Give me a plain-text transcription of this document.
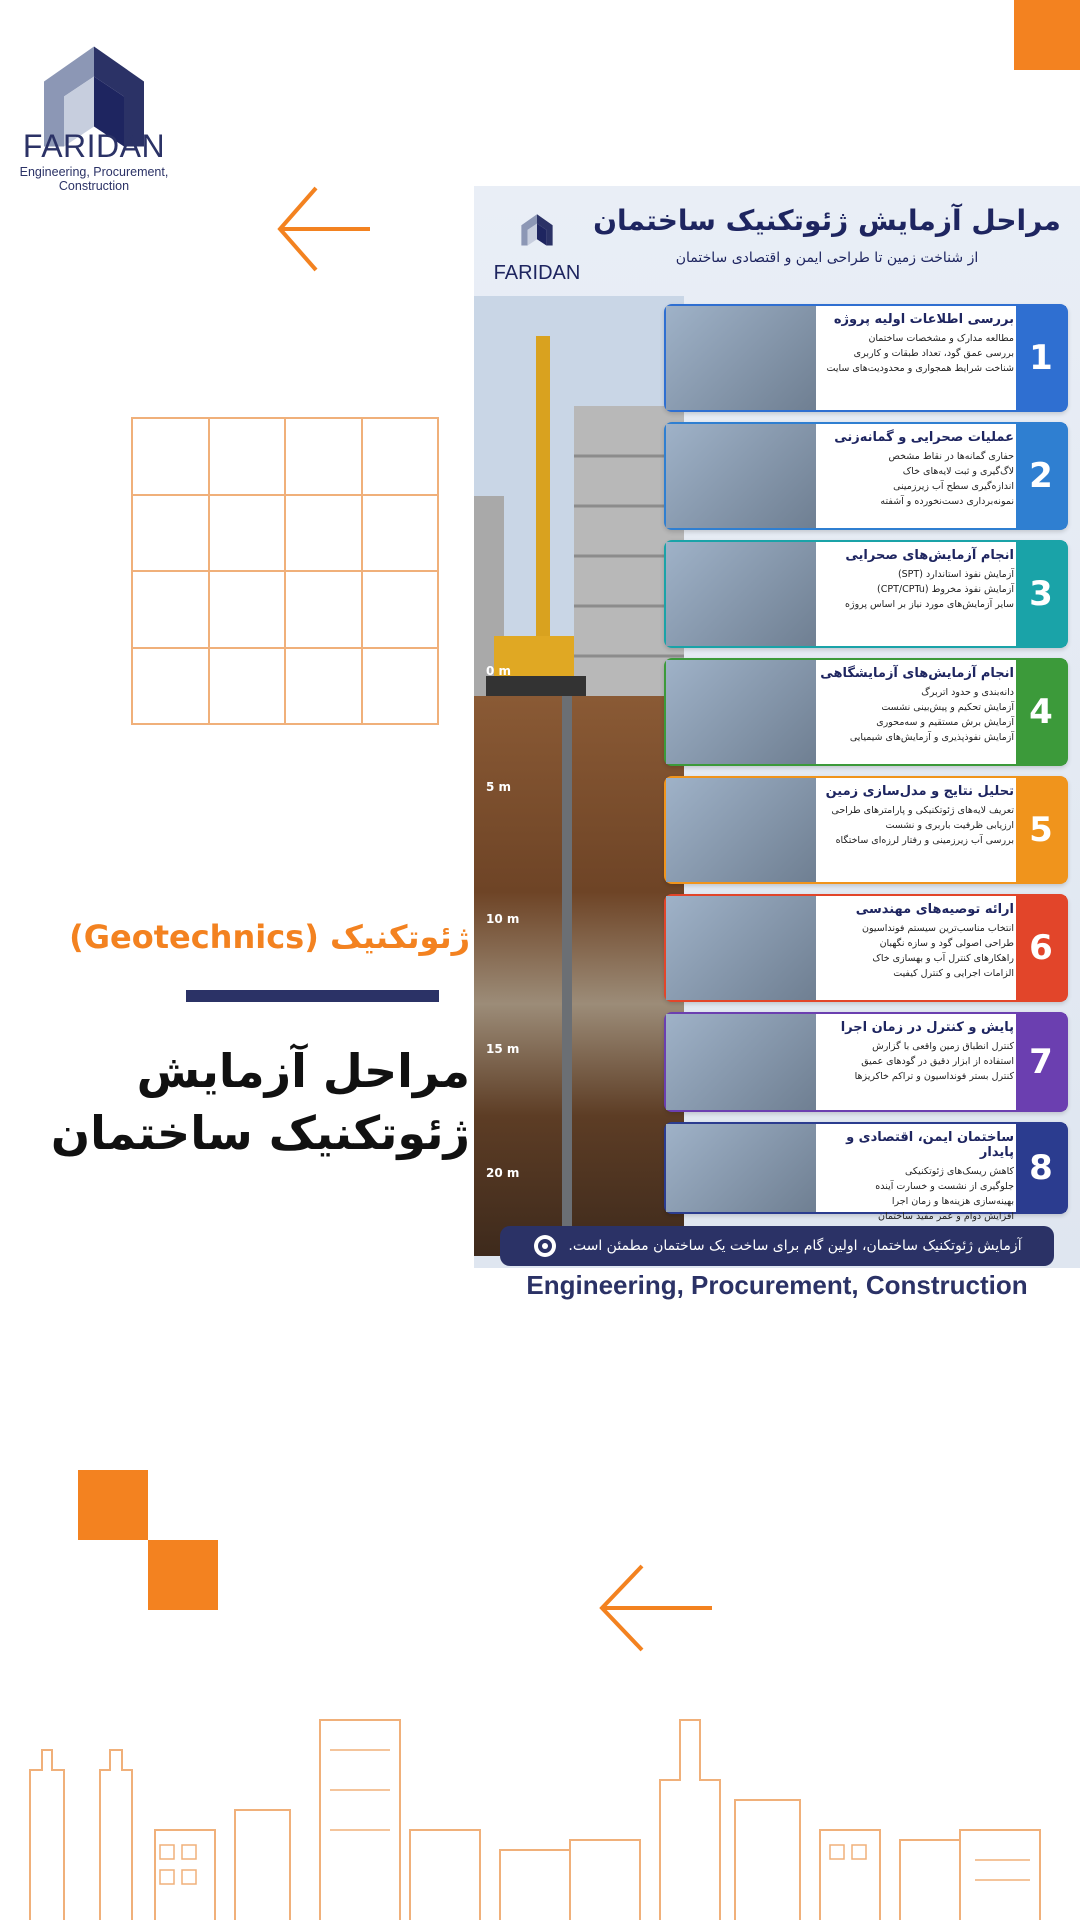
FARIDAN
Engineering, Procurement,
Construction
ژئوتکنیک (Geotechnics)
مراحل آزمایش
ژئوتکنیک ساختمان
مراحل آزمایش ژئوتکنیک ساختمان
از شناخت زمین تا طراحی ایمن و اقتصادی ساختمان
FARIDAN
0 m
5 m
10 m
15 m
20 m
بررسی اطلاعات اولیه پروژه
مطالعه مدارک و مشخصات ساختمان
بررسی عمق گود، تعداد طبقات و کاربری
شناخت شرایط همجواری و محدودیت‌های سایت 1
عملیات صحرایی و گمانه‌زنی
حفاری گمانه‌ها در نقاط مشخص
لاگ‌گیری و ثبت لایه‌های خاک
اندازه‌گیری سطح آب زیرزمینی
نمونه‌برداری دست‌نخورده و آشفته
2
انجام آزمایش‌های صحرایی
آزمایش نفوذ استاندارد (SPT)
آزمایش نفوذ مخروط (CPT/CPTu)
سایر آزمایش‌های مورد نیاز بر اساس پروژه 3
انجام آزمایش‌های آزمایشگاهی
دانه‌بندی و حدود اتربرگ
آزمایش تحکیم و پیش‌بینی نشست
آزمایش برش مستقیم و سه‌محوری
آزمایش نفوذپذیری و آزمایش‌های شیمیایی
4
تحلیل نتایج و مدل‌سازی زمین
تعریف لایه‌های ژئوتکنیکی و پارامترهای طراحی
ارزیابی ظرفیت باربری و نشست
بررسی آب زیرزمینی و رفتار لرزه‌ای ساختگاه 5
ارائه توصیه‌های مهندسی
انتخاب مناسب‌ترین سیستم فونداسیون
طراحی اصولی گود و سازه نگهبان
راهکارهای کنترل آب و بهسازی خاک
الزامات اجرایی و کنترل کیفیت
6
پایش و کنترل در زمان اجرا
کنترل انطباق زمین واقعی با گزارش
استفاده از ابزار دقیق در گودهای عمیق
کنترل بستر فونداسیون و تراکم خاکریزها 7
ساختمان ایمن، اقتصادی و پایدار
کاهش ریسک‌های ژئوتکنیکی
جلوگیری از نشست و خسارت آینده
بهینه‌سازی هزینه‌ها و زمان اجرا
افزایش دوام و عمر مفید ساختمان
8
آزمایش ژئوتکنیک ساختمان، اولین گام برای ساخت یک ساختمان مطمئن است.
Engineering, Procurement, Construction
